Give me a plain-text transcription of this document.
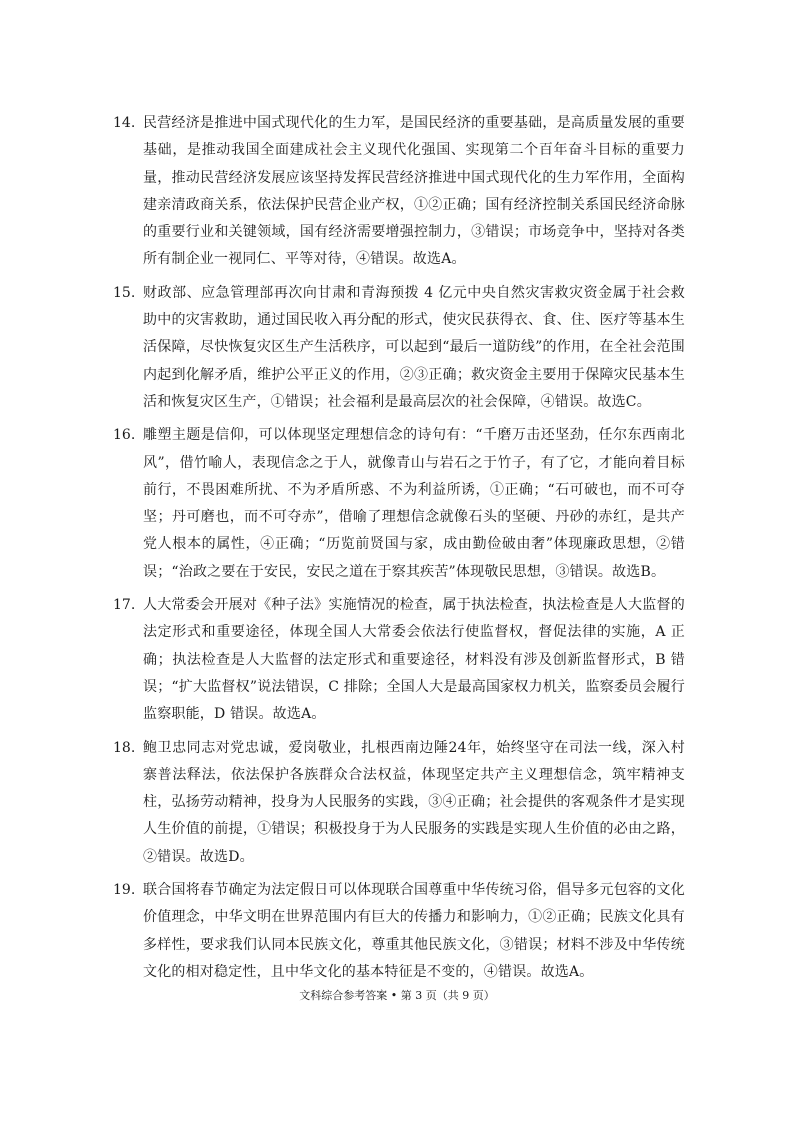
14. 民营经济是推进中国式现代化的生力军，是国民经济的重要基础，是高质量发展的重要基础，是推动我国全面建成社会主义现代化强国、实现第二个百年奋斗目标的重要力量，推动民营经济发展应该坚持发挥民营经济推进中国式现代化的生力军作用，全面构建亲清政商关系，依法保护民营企业产权，①②正确；国有经济控制关系国民经济命脉的重要行业和关键领域，国有经济需要增强控制力，③错误；市场竞争中，坚持对各类所有制企业一视同仁、平等对待，④错误。故选A。
15. 财政部、应急管理部再次向甘肃和青海预拨 4 亿元中央自然灾害救灾资金属于社会救助中的灾害救助，通过国民收入再分配的形式，使灾民获得衣、食、住、医疗等基本生活保障，尽快恢复灾区生产生活秩序，可以起到“最后一道防线”的作用，在全社会范围内起到化解矛盾，维护公平正义的作用，②③正确；救灾资金主要用于保障灾民基本生活和恢复灾区生产，①错误；社会福利是最高层次的社会保障，④错误。故选C。
16. 雕塑主题是信仰，可以体现坚定理想信念的诗句有：“千磨万击还坚劲，任尔东西南北风”，借竹喻人，表现信念之于人，就像青山与岩石之于竹子，有了它，才能向着目标前行，不畏困难所扰、不为矛盾所惑、不为利益所诱，①正确；“石可破也，而不可夺坚；丹可磨也，而不可夺赤”，借喻了理想信念就像石头的坚硬、丹砂的赤红，是共产党人根本的属性，④正确；“历览前贤国与家，成由勤俭破由奢”体现廉政思想，②错误；“治政之要在于安民，安民之道在于察其疾苦”体现敬民思想，③错误。故选B。
17. 人大常委会开展对《种子法》实施情况的检查，属于执法检查，执法检查是人大监督的法定形式和重要途径，体现全国人大常委会依法行使监督权，督促法律的实施，A 正确；执法检查是人大监督的法定形式和重要途径，材料没有涉及创新监督形式，B 错误；“扩大监督权”说法错误，C 排除；全国人大是最高国家权力机关，监察委员会履行监察职能，D 错误。故选A。
18. 鲍卫忠同志对党忠诚，爱岗敬业，扎根西南边陲24年，始终坚守在司法一线，深入村寨普法释法，依法保护各族群众合法权益，体现坚定共产主义理想信念，筑牢精神支柱，弘扬劳动精神，投身为人民服务的实践，③④正确；社会提供的客观条件才是实现人生价值的前提，①错误；积极投身于为人民服务的实践是实现人生价值的必由之路，②错误。故选D。
19. 联合国将春节确定为法定假日可以体现联合国尊重中华传统习俗，倡导多元包容的文化价值理念，中华文明在世界范围内有巨大的传播力和影响力，①②正确；民族文化具有多样性，要求我们认同本民族文化，尊重其他民族文化，③错误；材料不涉及中华传统文化的相对稳定性，且中华文化的基本特征是不变的，④错误。故选A。
文科综合参考答案 • 第 3 页（共 9 页）
